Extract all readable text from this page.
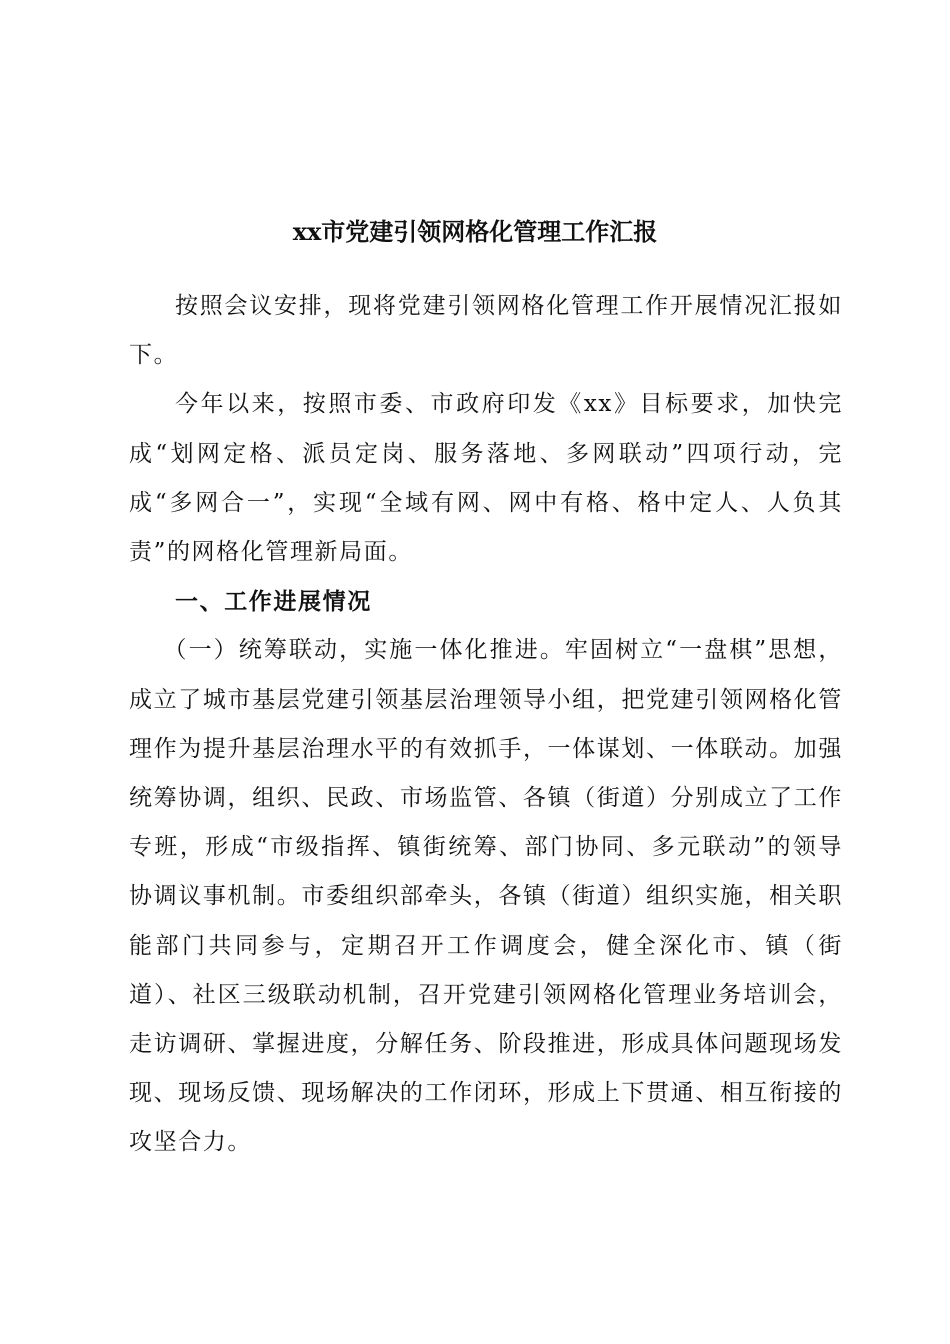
xx市党建引领网格化管理工作汇报

按照会议安排，现将党建引领网格化管理工作开展情况汇报如下。

今年以来，按照市委、市政府印发《xx》目标要求，加快完成“划网定格、派员定岗、服务落地、多网联动”四项行动，完成“多网合一”，实现“全域有网、网中有格、格中定人、人负其责”的网格化管理新局面。

一、工作进展情况

（一）统筹联动，实施一体化推进。牢固树立“一盘棋”思想，成立了城市基层党建引领基层治理领导小组，把党建引领网格化管理作为提升基层治理水平的有效抓手，一体谋划、一体联动。加强统筹协调，组织、民政、市场监管、各镇（街道）分别成立了工作专班，形成“市级指挥、镇街统筹、部门协同、多元联动”的领导协调议事机制。市委组织部牵头，各镇（街道）组织实施，相关职能部门共同参与，定期召开工作调度会，健全深化市、镇（街道）、社区三级联动机制，召开党建引领网格化管理业务培训会，走访调研、掌握进度，分解任务、阶段推进，形成具体问题现场发现、现场反馈、现场解决的工作闭环，形成上下贯通、相互衔接的攻坚合力。
